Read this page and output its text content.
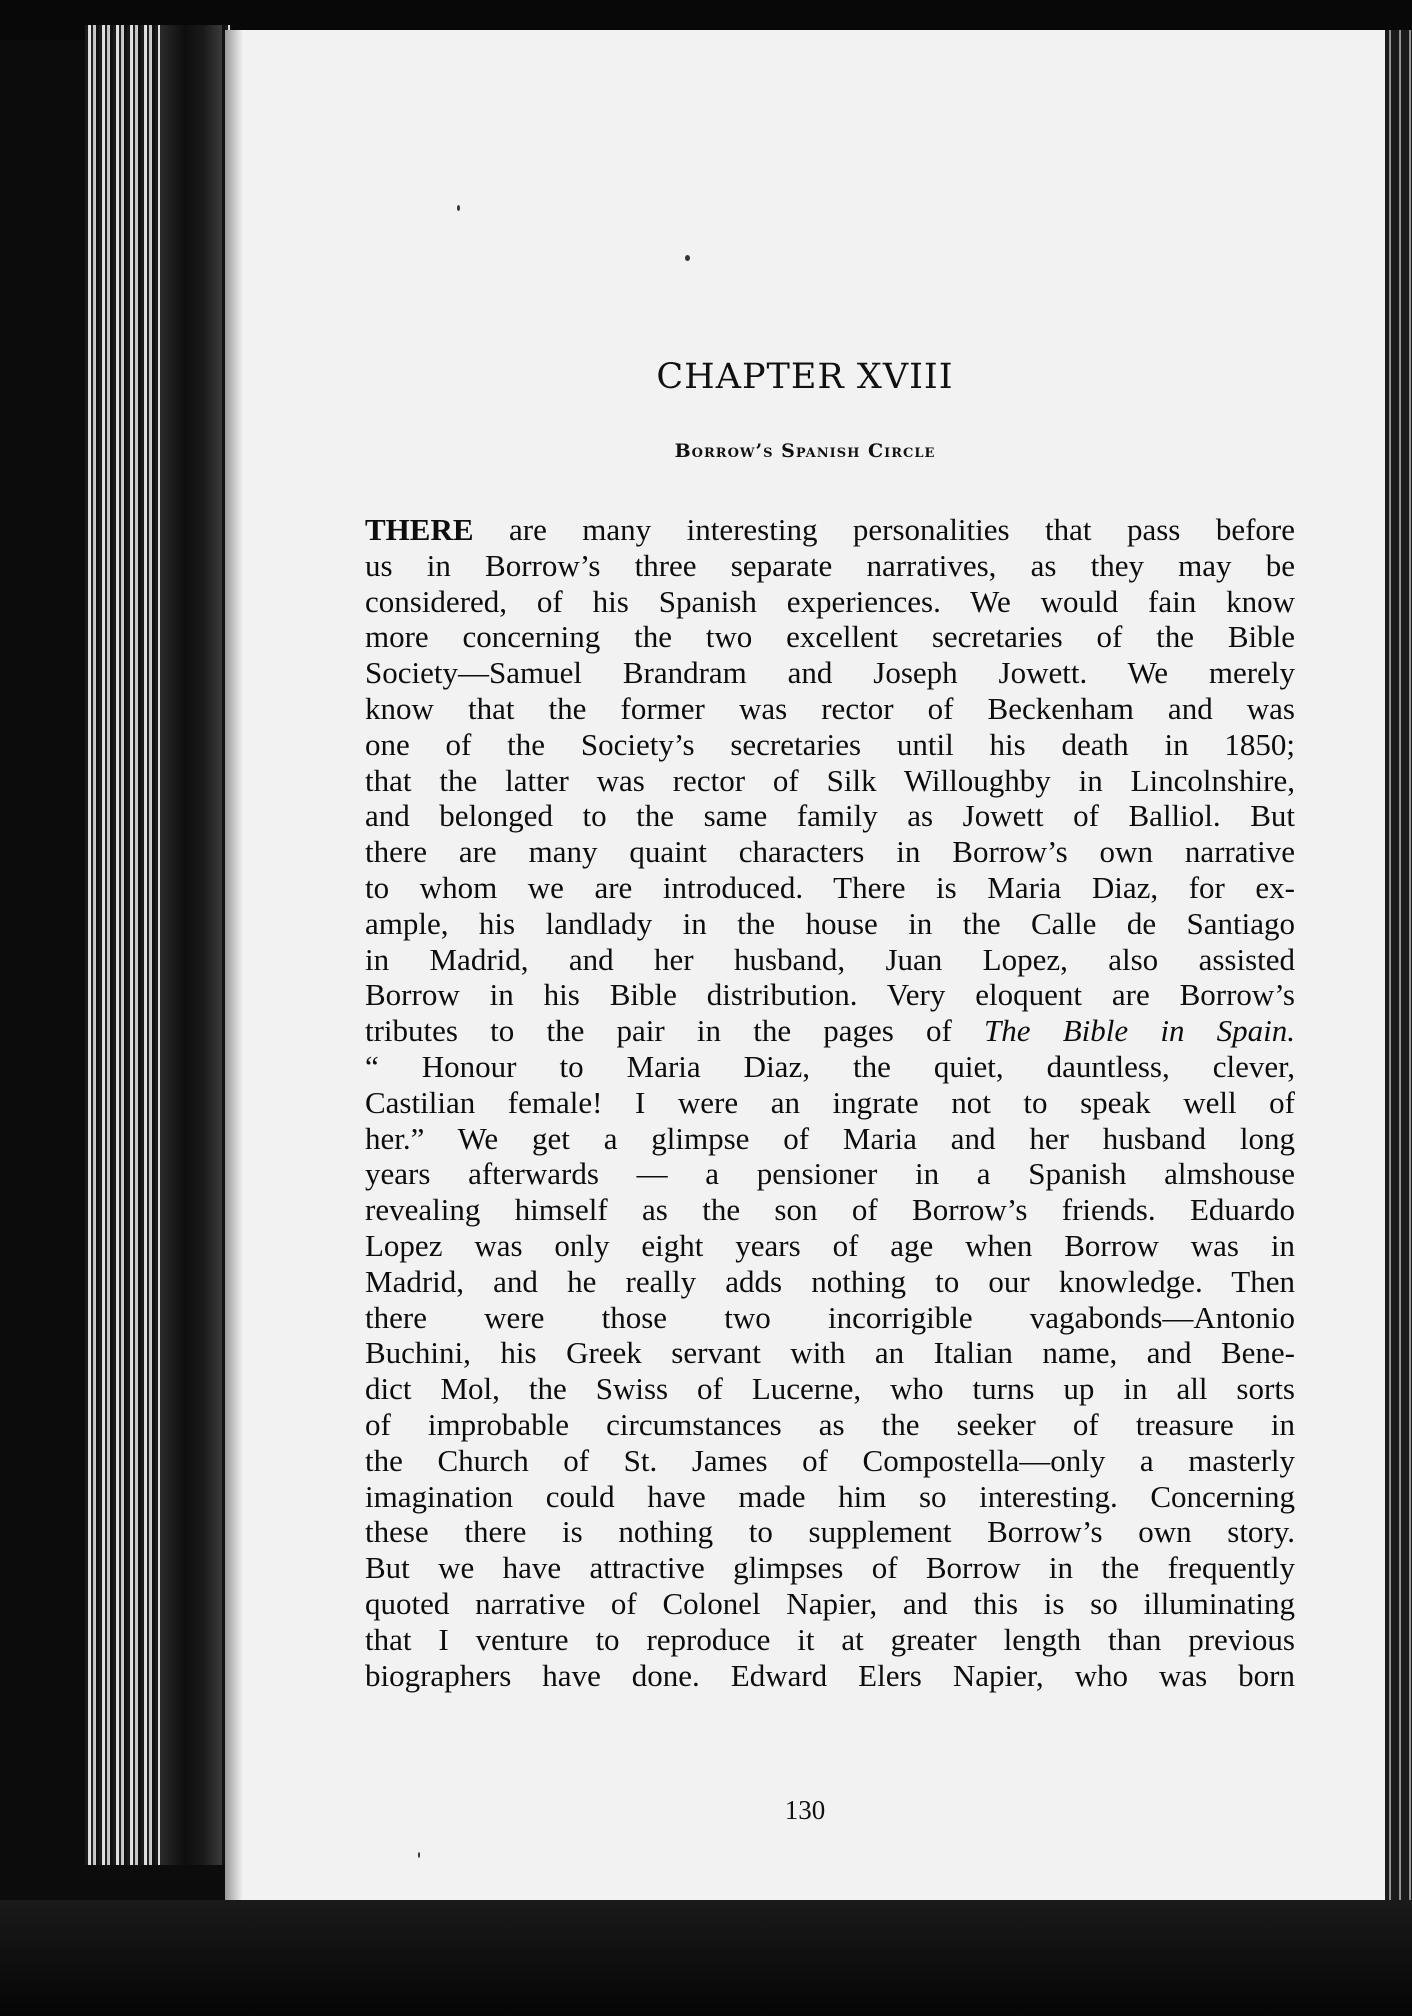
CHAPTER XVIII
Borrow’s Spanish Circle
THERE are many interesting personalities that pass before
us in Borrow’s three separate narratives, as they may be
considered, of his Spanish experiences. We would fain know
more concerning the two excellent secretaries of the Bible
Society—Samuel Brandram and Joseph Jowett. We merely
know that the former was rector of Beckenham and was
one of the Society’s secretaries until his death in 1850;
that the latter was rector of Silk Willoughby in Lincolnshire,
and belonged to the same family as Jowett of Balliol. But
there are many quaint characters in Borrow’s own narrative
to whom we are introduced. There is Maria Diaz, for ex-
ample, his landlady in the house in the Calle de Santiago
in Madrid, and her husband, Juan Lopez, also assisted
Borrow in his Bible distribution. Very eloquent are Borrow’s
tributes to the pair in the pages of The Bible in Spain.
“ Honour to Maria Diaz, the quiet, dauntless, clever,
Castilian female! I were an ingrate not to speak well of
her.” We get a glimpse of Maria and her husband long
years afterwards — a pensioner in a Spanish almshouse
revealing himself as the son of Borrow’s friends. Eduardo
Lopez was only eight years of age when Borrow was in
Madrid, and he really adds nothing to our knowledge. Then
there were those two incorrigible vagabonds—Antonio
Buchini, his Greek servant with an Italian name, and Bene-
dict Mol, the Swiss of Lucerne, who turns up in all sorts
of improbable circumstances as the seeker of treasure in
the Church of St. James of Compostella—only a masterly
imagination could have made him so interesting. Concerning
these there is nothing to supplement Borrow’s own story.
But we have attractive glimpses of Borrow in the frequently
quoted narrative of Colonel Napier, and this is so illuminating
that I venture to reproduce it at greater length than previous
biographers have done. Edward Elers Napier, who was born
130
